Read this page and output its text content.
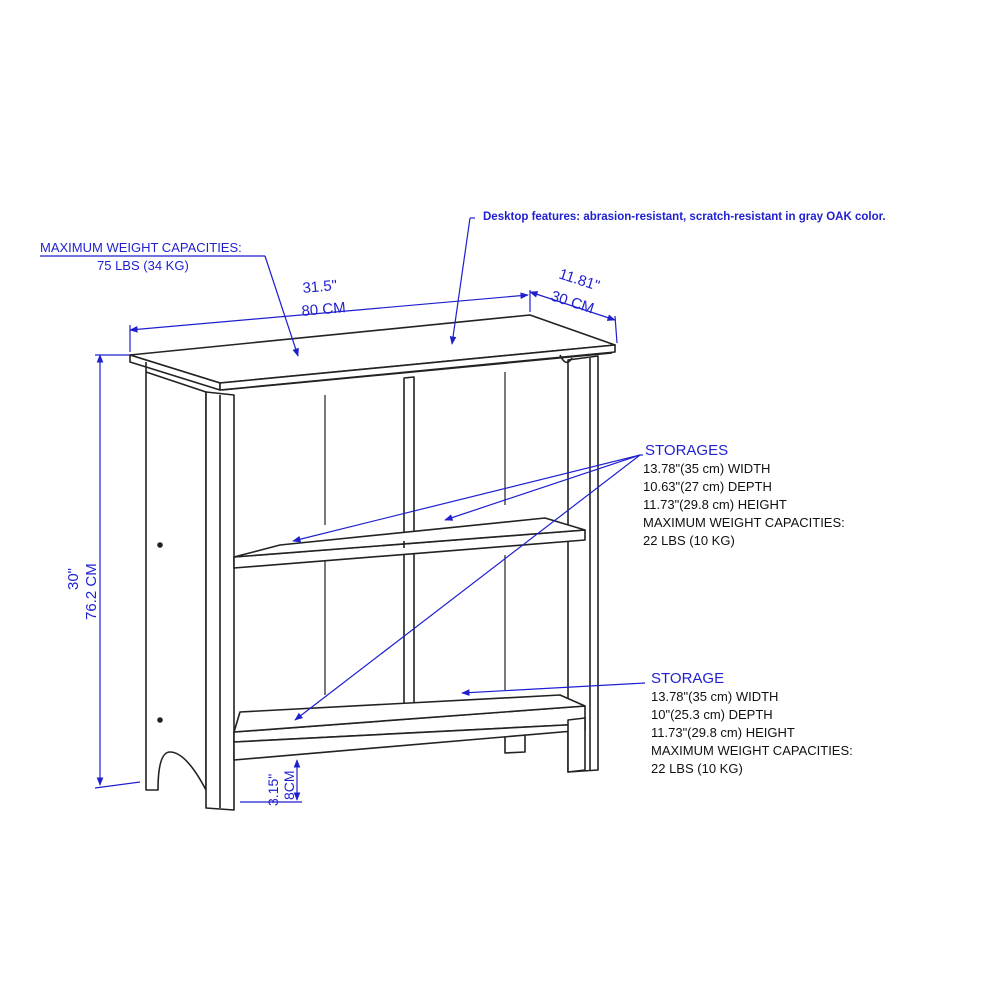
31.5"
80 CM
11.81"
30 CM
30" 76.2 CM
3.15" 8CM

Desktop features: abrasion-resistant, scratch-resistant in gray OAK color.

MAXIMUM WEIGHT CAPACITIES:

75 LBS (34 KG)

STORAGES

13.78"(35 cm) WIDTH

10.63"(27 cm) DEPTH

11.73"(29.8 cm) HEIGHT

MAXIMUM WEIGHT CAPACITIES:

22 LBS (10 KG)

STORAGE

13.78"(35 cm) WIDTH

10"(25.3 cm) DEPTH

11.73"(29.8 cm) HEIGHT

MAXIMUM WEIGHT CAPACITIES:

22 LBS (10 KG)
